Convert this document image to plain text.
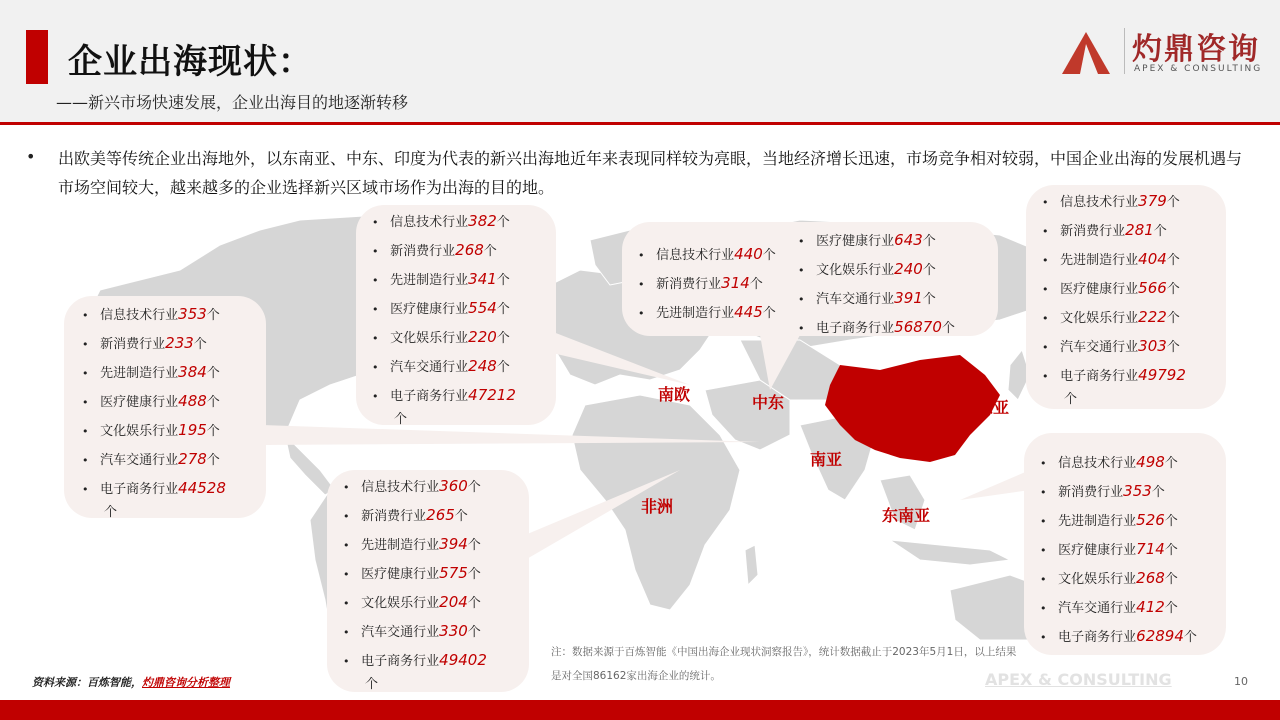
企业出海现状：
——新兴市场快速发展，企业出海目的地逐渐转移
灼鼎咨询
APEX & CONSULTING
• 出欧美等传统企业出海地外，以东南亚、中东、印度为代表的新兴出海地近年来表现同样较为亮眼，当地经济增长迅速，市场竞争相对较弱，中国企业出海的发展机遇与市场空间较大，越来越多的企业选择新兴区域市场作为出海的目的地。
南欧	中东	东亚
南亚
非洲	东南亚
• 信息技术行业353个
• 新消费行业233个
• 先进制造行业384个
• 医疗健康行业488个
• 文化娱乐行业195个
• 汽车交通行业278个
• 电子商务行业44528
个
• 信息技术行业382个
• 新消费行业268个
• 先进制造行业341个
• 医疗健康行业554个
• 文化娱乐行业220个
• 汽车交通行业248个
• 电子商务行业47212
个
• 信息技术行业440个
• 新消费行业314个
• 先进制造行业445个
• 医疗健康行业643个
• 文化娱乐行业240个
• 汽车交通行业391个
• 电子商务行业56870个
• 信息技术行业379个
• 新消费行业281个
• 先进制造行业404个
• 医疗健康行业566个
• 文化娱乐行业222个
• 汽车交通行业303个
• 电子商务行业49792
个
• 信息技术行业360个
• 新消费行业265个
• 先进制造行业394个
• 医疗健康行业575个
• 文化娱乐行业204个
• 汽车交通行业330个
• 电子商务行业49402
个
• 信息技术行业498个
• 新消费行业353个
• 先进制造行业526个
• 医疗健康行业714个
• 文化娱乐行业268个
• 汽车交通行业412个
• 电子商务行业62894个
注：数据来源于百炼智能《中国出海企业现状洞察报告》，统计数据截止于2023年5月1日，以上结果是对全国86162家出海企业的统计。
资料来源：百炼智能，灼鼎咨询分析整理	APEX & CONSULTING	10
